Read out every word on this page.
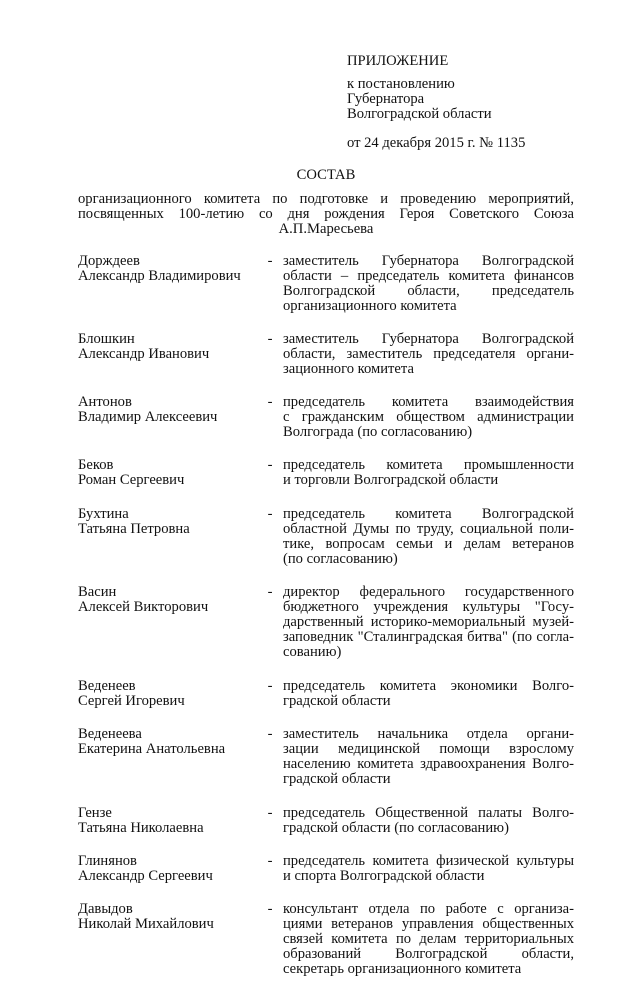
ПРИЛОЖЕНИЕ
к постановлению
Губернатора
Волгоградской области
от 24 декабря 2015 г. № 1135
СОСТАВ
организационного комитета по подготовке и проведению мероприятий, посвященных 100-летию со дня рождения Героя Советского Союза А.П.Маресьева
Дорждеев
Александр Владимирович
- заместитель Губернатора Волгоградской
области – председатель комитета финансов
Волгоградской области, председатель
организационного комитета
Блошкин
Александр Иванович
- заместитель Губернатора Волгоградской
области, заместитель председателя органи-
зационного комитета
Антонов
Владимир Алексеевич
- председатель комитета взаимодействия
с гражданским обществом администрации
Волгограда (по согласованию)
Беков
Роман Сергеевич
- председатель комитета промышленности
и торговли Волгоградской области
Бухтина
Татьяна Петровна
- председатель комитета Волгоградской
областной Думы по труду, социальной поли-
тике, вопросам семьи и делам ветеранов
(по согласованию)
Васин
Алексей Викторович
- директор федерального государственного
бюджетного учреждения культуры "Госу-
дарственный историко-мемориальный музей-
заповедник "Сталинградская битва" (по согла-
сованию)
Веденеев
Сергей Игоревич
- председатель комитета экономики Волго-
градской области
Веденеева
Екатерина Анатольевна
- заместитель начальника отдела органи-
зации медицинской помощи взрослому
населению комитета здравоохранения Волго-
градской области
Гензе
Татьяна Николаевна
- председатель Общественной палаты Волго-
градской области (по согласованию)
Глинянов
Александр Сергеевич
- председатель комитета физической культуры
и спорта Волгоградской области
Давыдов
Николай Михайлович
- консультант отдела по работе с организа-
циями ветеранов управления общественных
связей комитета по делам территориальных
образований Волгоградской области,
секретарь организационного комитета
